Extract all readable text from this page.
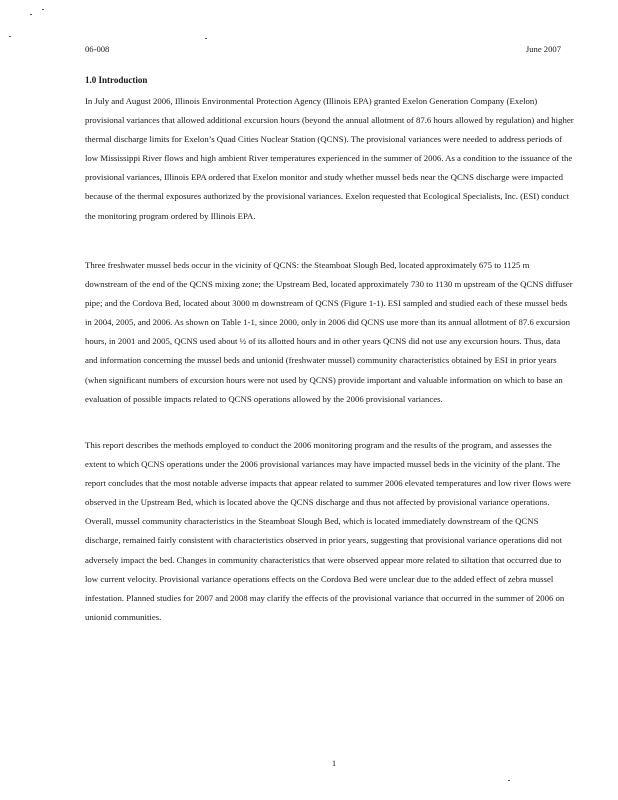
06-008	June 2007
1.0 Introduction

In July and August 2006, Illinois Environmental Protection Agency (Illinois EPA) granted Exelon Generation Company (Exelon) provisional variances that allowed additional excursion hours (beyond the annual allotment of 87.6 hours allowed by regulation) and higher thermal discharge limits for Exelon’s Quad Cities Nuclear Station (QCNS). The provisional variances were needed to address periods of low Mississippi River flows and high ambient River temperatures experienced in the summer of 2006. As a condition to the issuance of the provisional variances, Illinois EPA ordered that Exelon monitor and study whether mussel beds near the QCNS discharge were impacted because of the thermal exposures authorized by the provisional variances. Exelon requested that Ecological Specialists, Inc. (ESI) conduct the monitoring program ordered by Illinois EPA.

Three freshwater mussel beds occur in the vicinity of QCNS: the Steamboat Slough Bed, located approximately 675 to 1125 m downstream of the end of the QCNS mixing zone; the Upstream Bed, located approximately 730 to 1130 m upstream of the QCNS diffuser pipe; and the Cordova Bed, located about 3000 m downstream of QCNS (Figure 1-1). ESI sampled and studied each of these mussel beds in 2004, 2005, and 2006. As shown on Table 1-1, since 2000, only in 2006 did QCNS use more than its annual allotment of 87.6 excursion hours, in 2001 and 2005, QCNS used about ½ of its allotted hours and in other years QCNS did not use any excursion hours. Thus, data and information concerning the mussel beds and unionid (freshwater mussel) community characteristics obtained by ESI in prior years (when significant numbers of excursion hours were not used by QCNS) provide important and valuable information on which to base an evaluation of possible impacts related to QCNS operations allowed by the 2006 provisional variances.

This report describes the methods employed to conduct the 2006 monitoring program and the results of the program, and assesses the extent to which QCNS operations under the 2006 provisional variances may have impacted mussel beds in the vicinity of the plant. The report concludes that the most notable adverse impacts that appear related to summer 2006 elevated temperatures and low river flows were observed in the Upstream Bed, which is located above the QCNS discharge and thus not affected by provisional variance operations. Overall, mussel community characteristics in the Steamboat Slough Bed, which is located immediately downstream of the QCNS discharge, remained fairly consistent with characteristics observed in prior years, suggesting that provisional variance operations did not adversely impact the bed. Changes in community characteristics that were observed appear more related to siltation that occurred due to low current velocity. Provisional variance operations effects on the Cordova Bed were unclear due to the added effect of zebra mussel infestation. Planned studies for 2007 and 2008 may clarify the effects of the provisional variance that occurred in the summer of 2006 on unionid communities.

1
